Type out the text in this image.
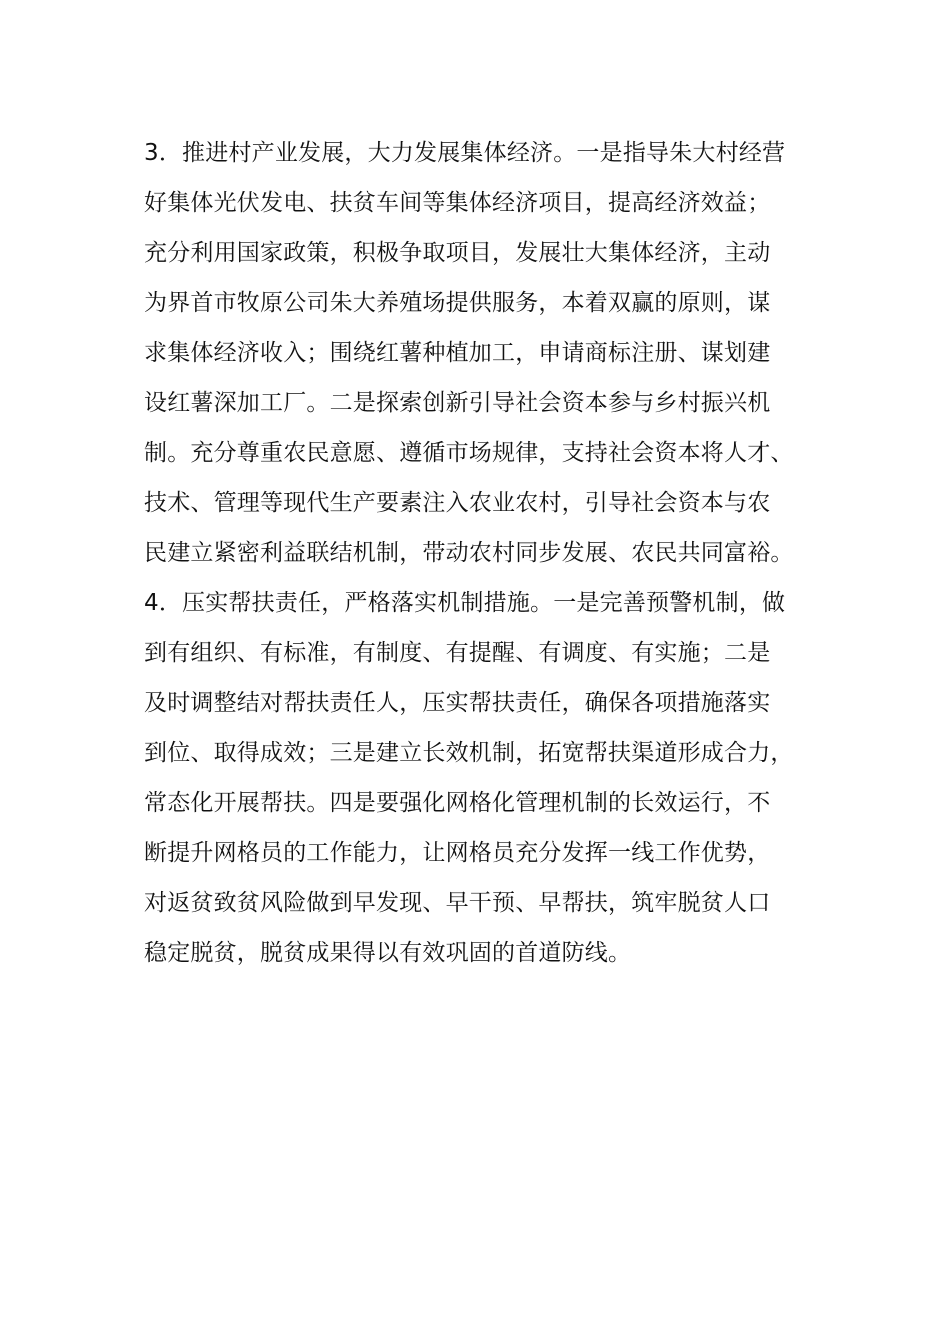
3．推进村产业发展，大力发展集体经济。一是指导朱大村经营
好集体光伏发电、扶贫车间等集体经济项目，提高经济效益；
充分利用国家政策，积极争取项目，发展壮大集体经济，主动
为界首市牧原公司朱大养殖场提供服务，本着双赢的原则，谋
求集体经济收入；围绕红薯种植加工，申请商标注册、谋划建
设红薯深加工厂。二是探索创新引导社会资本参与乡村振兴机
制。充分尊重农民意愿、遵循市场规律，支持社会资本将人才、
技术、管理等现代生产要素注入农业农村，引导社会资本与农
民建立紧密利益联结机制，带动农村同步发展、农民共同富裕。
4．压实帮扶责任，严格落实机制措施。一是完善预警机制，做
到有组织、有标准，有制度、有提醒、有调度、有实施；二是
及时调整结对帮扶责任人，压实帮扶责任，确保各项措施落实
到位、取得成效；三是建立长效机制，拓宽帮扶渠道形成合力，
常态化开展帮扶。四是要强化网格化管理机制的长效运行，不
断提升网格员的工作能力，让网格员充分发挥一线工作优势，
对返贫致贫风险做到早发现、早干预、早帮扶，筑牢脱贫人口
稳定脱贫，脱贫成果得以有效巩固的首道防线。
